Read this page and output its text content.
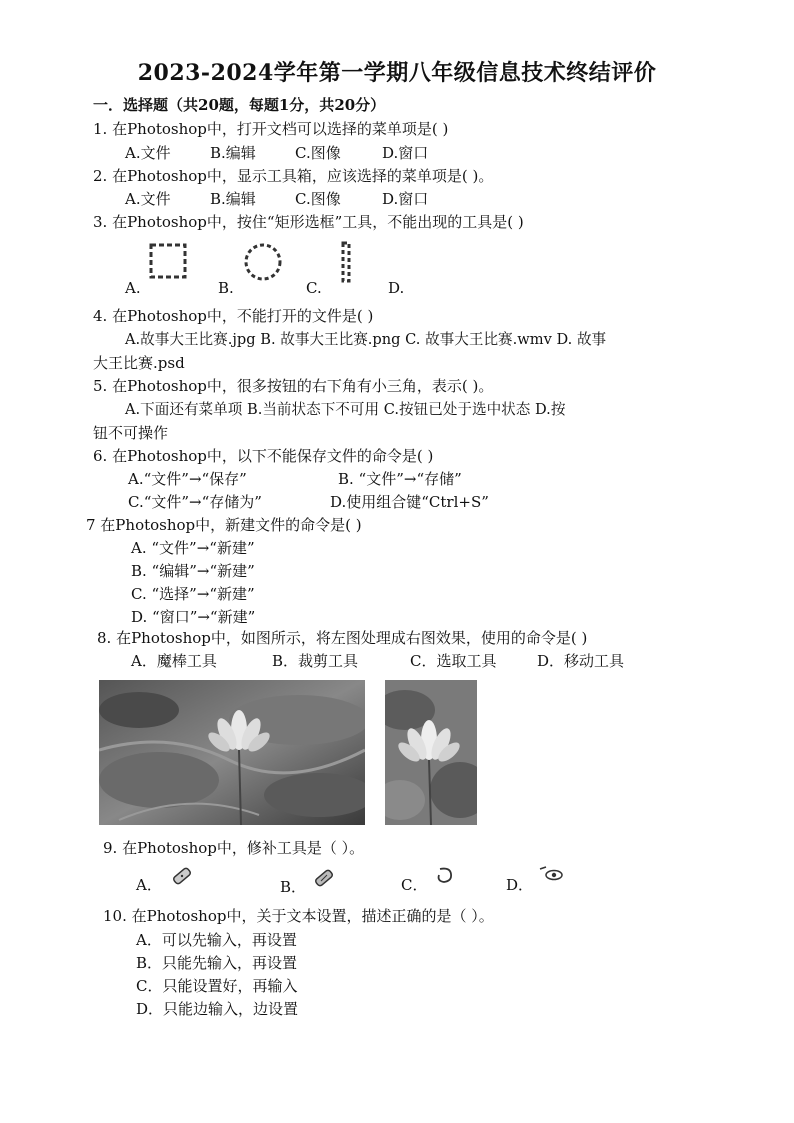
2023-2024学年第一学期八年级信息技术终结评价
一．选择题（共20题，每题1分，共20分）
1. 在Photoshop中，打开文档可以选择的菜单项是( )
A.文件	B.编辑	C.图像	D.窗口
2. 在Photoshop中，显示工具箱，应该选择的菜单项是( )。
A.文件	B.编辑	C.图像	D.窗口
3. 在Photoshop中，按住“矩形选框”工具，不能出现的工具是( )
A.	B.	C.	D.
4. 在Photoshop中，不能打开的文件是( )
A.故事大王比赛.jpg B. 故事大王比赛.png C. 故事大王比赛.wmv D. 故事
大王比赛.psd
5. 在Photoshop中，很多按钮的右下角有小三角，表示( )。
A.下面还有菜单项 B.当前状态下不可用 C.按钮已处于选中状态 D.按
钮不可操作
6. 在Photoshop中，以下不能保存文件的命令是( )
A.“文件”→“保存”	B. “文件”→“存储”
C.“文件”→“存储为”	D.使用组合键“Ctrl+S”
7 在Photoshop中，新建文件的命令是( )
A. “文件”→“新建”
B. “编辑”→“新建”
C. “选择”→“新建”
D. “窗口”→“新建”
8. 在Photoshop中，如图所示，将左图处理成右图效果，使用的命令是( )
A．魔棒工具	B．裁剪工具	C．选取工具	D．移动工具
9. 在Photoshop中，修补工具是（ ）。
A．	B．	C．	D．
10. 在Photoshop中，关于文本设置，描述正确的是（ ）。
A．可以先输入，再设置
B．只能先输入，再设置
C．只能设置好，再输入
D．只能边输入，边设置
